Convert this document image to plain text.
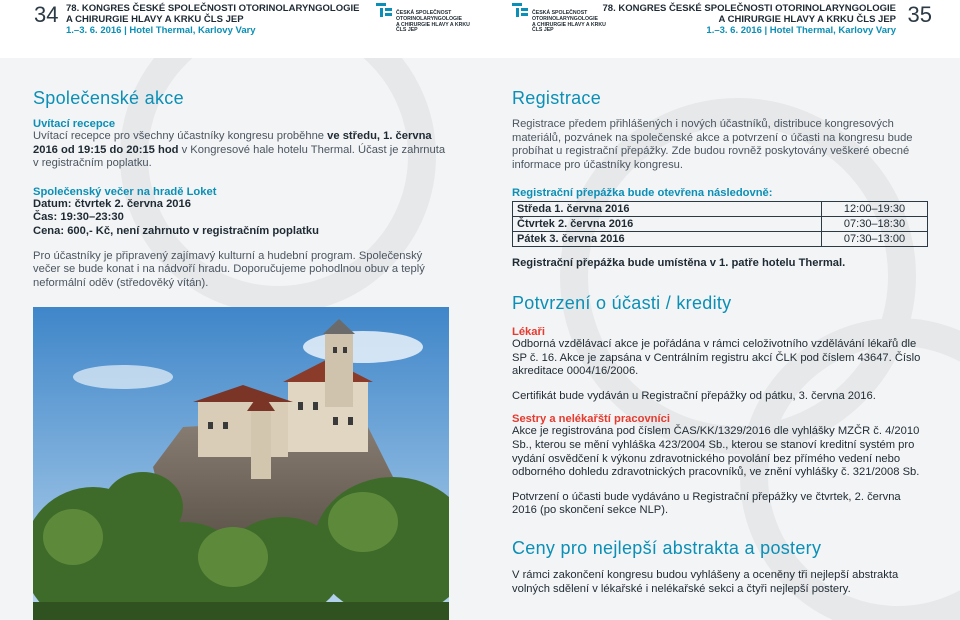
34 78. KONGRES ČESKÉ SPOLEČNOSTI OTORINOLARYNGOLOGIE
A CHIRURGIE HLAVY A KRKU ČLS JEP
1.–3. 6. 2016 | Hotel Thermal, Karlovy Vary
ČESKÁ SPOLEČNOST
OTORINOLARYNGOLOGIE
A CHIRURGIE HLAVY A KRKU
ČLS JEP
ČESKÁ SPOLEČNOST
OTORINOLARYNGOLOGIE
A CHIRURGIE HLAVY A KRKU
ČLS JEP
78. KONGRES ČESKÉ SPOLEČNOSTI OTORINOLARYNGOLOGIE
A CHIRURGIE HLAVY A KRKU ČLS JEP
1.–3. 6. 2016 | Hotel Thermal, Karlovy Vary
35
Společenské akce
Uvítací recepce

Uvítací recepce pro všechny účastníky kongresu proběhne ve středu, 1. června 2016 od 19:15 do 20:15 hod v Kongresové hale hotelu Thermal. Účast je zahrnuta v registračním poplatku.

Společenský večer na hradě Loket

Datum: čtvrtek 2. června 2016

Čas: 19:30–23:30

Cena: 600,- Kč, není zahrnuto v registračním poplatku

Pro účastníky je připravený zajímavý kulturní a hudební program. Společenský večer se bude konat i na nádvoří hradu. Doporučujeme pohodlnou obuv a teplý neformální oděv (středověký vítán).

Registrace

Registrace předem přihlášených i nových účastníků, distribuce kongresových materiálů, pozvánek na společenské akce a potvrzení o účasti na kongresu bude probíhat u registrační přepážky. Zde budou rovněž poskytovány veškeré obecné informace pro účastníky kongresu.

Registrační přepážka bude otevřena následovně:
Středa 1. června 2016	12:00–19:30
Čtvrtek 2. června 2016	07:30–18:30
Pátek 3. června 2016	07:30–13:00

Registrační přepážka bude umístěna v 1. patře hotelu Thermal.

Potvrzení o účasti / kredity
Lékaři

Odborná vzdělávací akce je pořádána v rámci celoživotního vzdělávání lékařů dle SP č. 16. Akce je zapsána v Centrálním registru akcí ČLK pod číslem 43647. Číslo akreditace 0004/16/2006.

Certifikát bude vydáván u Registrační přepážky od pátku, 3. června 2016.

Sestry a nelékařští pracovníci

Akce je registrována pod číslem ČAS/KK/1329/2016 dle vyhlášky MZČR č. 4/2010 Sb., kterou se mění vyhláška 423/2004 Sb., kterou se stanoví kreditní systém pro vydání osvědčení k výkonu zdravotnického povolání bez přímého vedení nebo odborného dohledu zdravotnických pracovníků, ve znění vyhlášky č. 321/2008 Sb.

Potvrzení o účasti bude vydáváno u Registrační přepážky ve čtvrtek, 2. června 2016 (po skončení sekce NLP).

Ceny pro nejlepší abstrakta a postery

V rámci zakončení kongresu budou vyhlášeny a oceněny tři nejlepší abstrakta volných sdělení v lékařské i nelékařské sekci a čtyři nejlepší postery.
